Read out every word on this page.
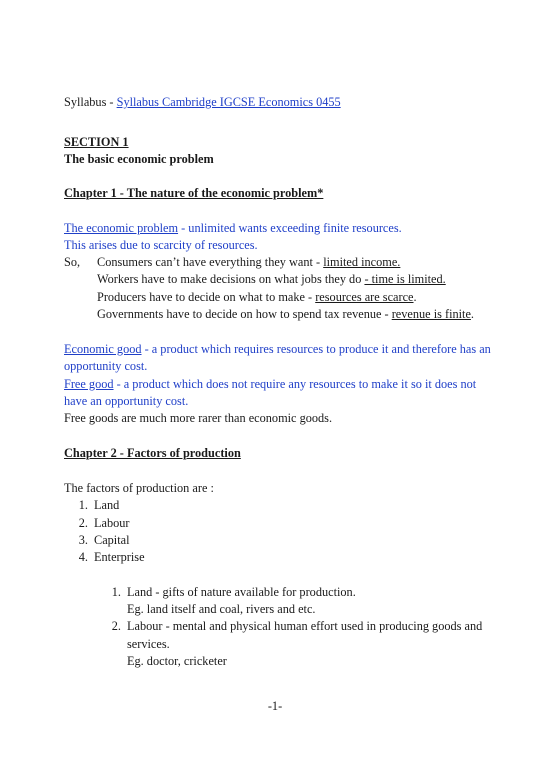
Syllabus - Syllabus Cambridge IGCSE Economics 0455
SECTION 1
The basic economic problem
Chapter 1 - The nature of the economic problem*
The economic problem - unlimited wants exceeding finite resources.
This arises due to scarcity of resources.
So, Consumers can’t have everything they want - limited income.
Workers have to make decisions on what jobs they do - time is limited.
Producers have to decide on what to make - resources are scarce.
Governments have to decide on how to spend tax revenue - revenue is finite.
Economic good - a product which requires resources to produce it and therefore has an
opportunity cost.
Free good - a product which does not require any resources to make it so it does not
have an opportunity cost.
Free goods are much more rarer than economic goods.
Chapter 2 - Factors of production
The factors of production are :
1. Land
2. Labour
3. Capital
4. Enterprise
1. Land - gifts of nature available for production.
Eg. land itself and coal, rivers and etc.
2. Labour - mental and physical human effort used in producing goods and
services.
Eg. doctor, cricketer
-1-
